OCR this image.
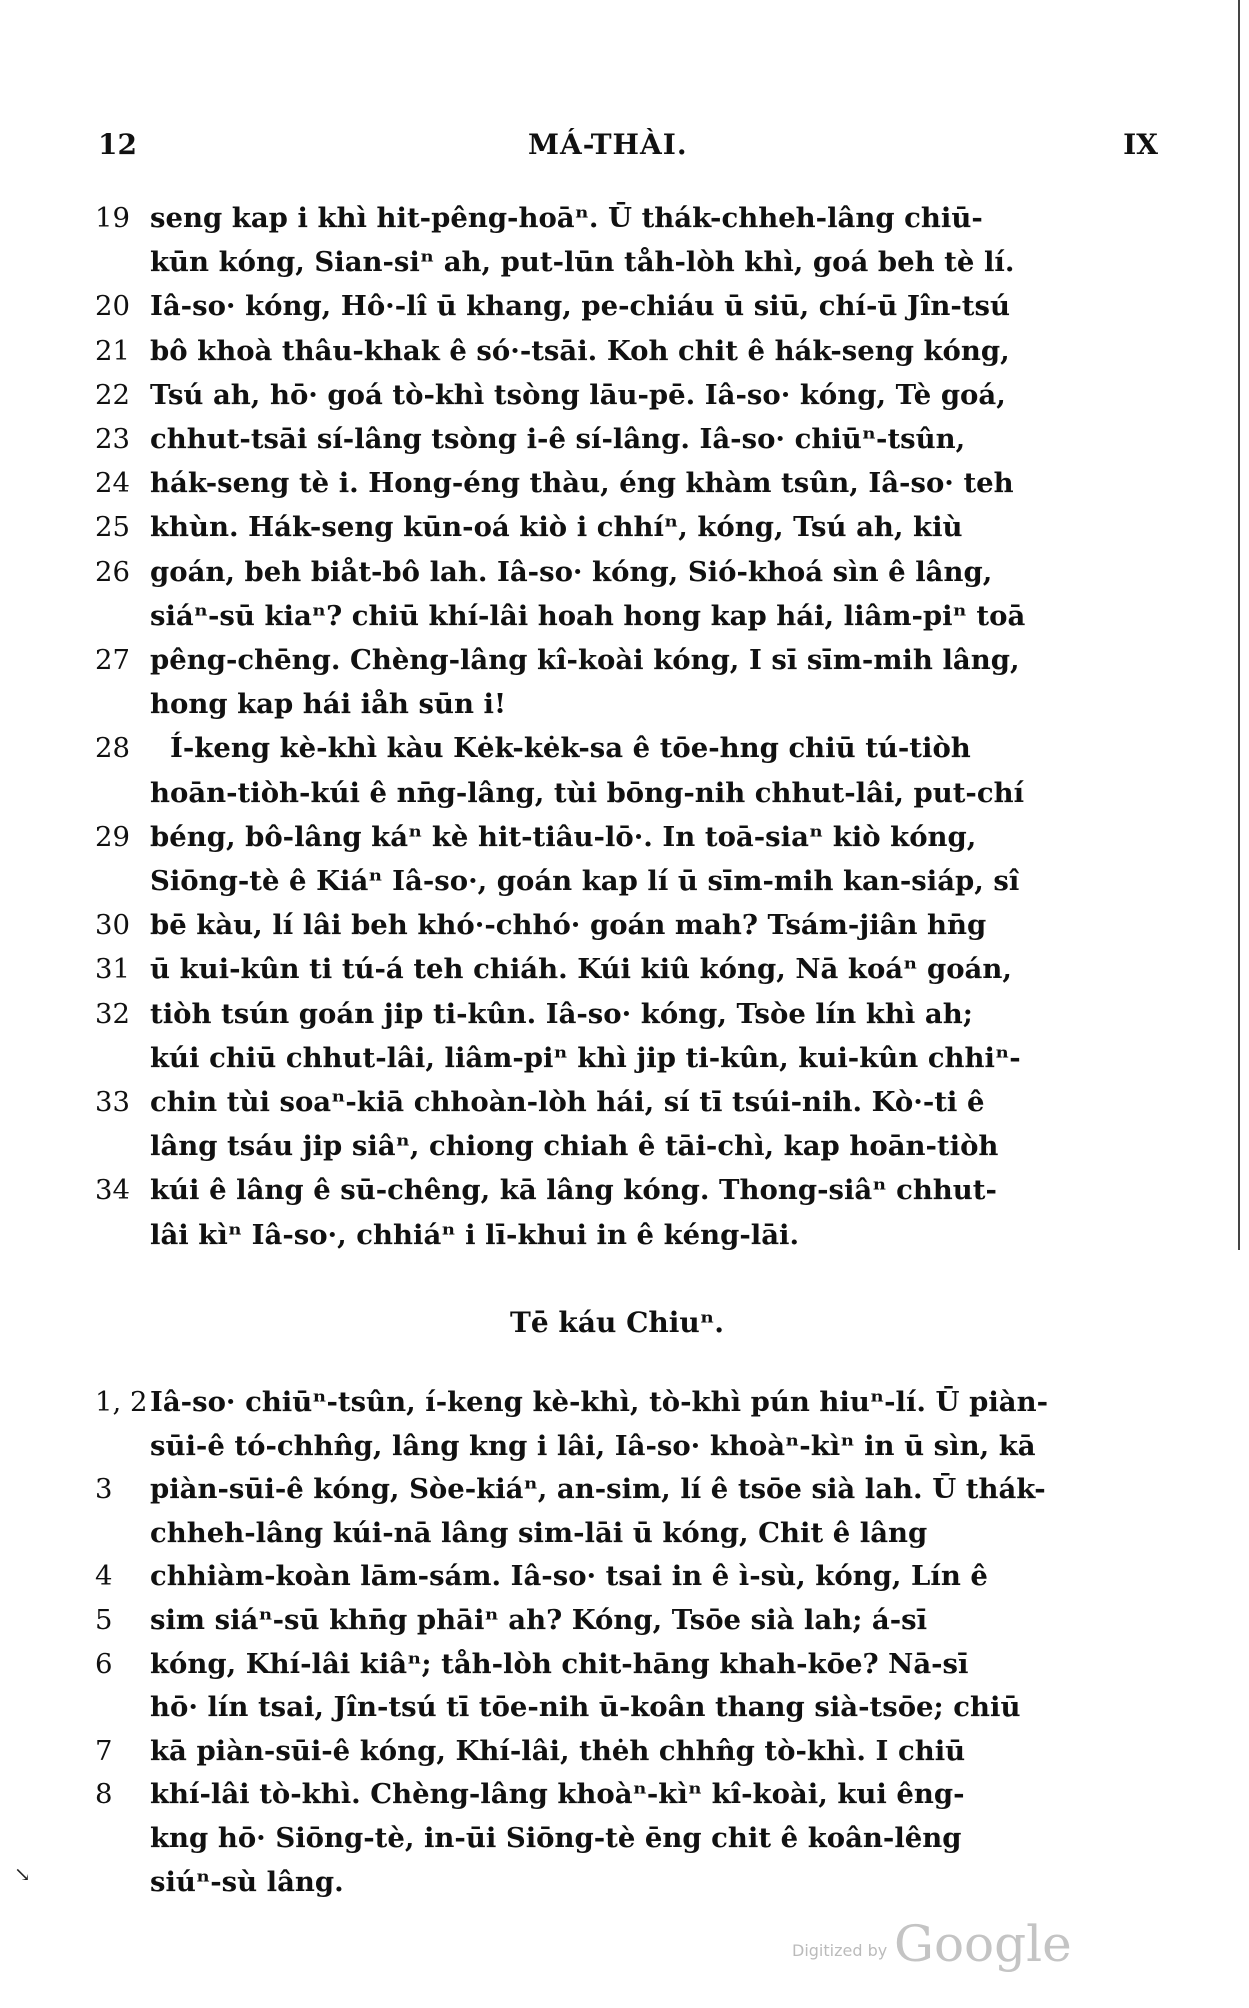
12	MÁ-THÀI.	IX
19 seng kap i khì hit-pêng-hoāⁿ. Ū thák-chheh-lâng chiū-
kūn kóng, Sian-siⁿ ah, put-lūn tåh-lòh khì, goá beh tè lí.
20 Iâ-so· kóng, Hô·-lî ū khang, pe-chiáu ū siū, chí-ū Jîn-tsú
21 bô khoà thâu-khak ê só·-tsāi. Koh chit ê hák-seng kóng,
22 Tsú ah, hō· goá tò-khì tsòng lāu-pē. Iâ-so· kóng, Tè goá,
23 chhut-tsāi sí-lâng tsòng i-ê sí-lâng. Iâ-so· chiūⁿ-tsûn,
24 hák-seng tè i. Hong-éng thàu, éng khàm tsûn, Iâ-so· teh
25 khùn. Hák-seng kūn-oá kiò i chhíⁿ, kóng, Tsú ah, kiù
26 goán, beh biåt-bô lah. Iâ-so· kóng, Sió-khoá sìn ê lâng,
siáⁿ-sū kiaⁿ? chiū khí-lâi hoah hong kap hái, liâm-piⁿ toā
27 pêng-chēng. Chèng-lâng kî-koài kóng, I sī sīm-mih lâng,
hong kap hái iåh sūn i!
28	Í-keng kè-khì kàu Kėk-kėk-sa ê tōe-hng chiū tú-tiòh
hoān-tiòh-kúi ê nn̄g-lâng, tùi bōng-nih chhut-lâi, put-chí
29 béng, bô-lâng káⁿ kè hit-tiâu-lō·. In toā-siaⁿ kiò kóng,
Siōng-tè ê Kiáⁿ Iâ-so·, goán kap lí ū sīm-mih kan-siáp, sî
30 bē kàu, lí lâi beh khó·-chhó· goán mah? Tsám-jiân hn̄g
31 ū kui-kûn ti tú-á teh chiáh. Kúi kiû kóng, Nā koáⁿ goán,
32 tiòh tsún goán jip ti-kûn. Iâ-so· kóng, Tsòe lín khì ah;
kúi chiū chhut-lâi, liâm-piⁿ khì jip ti-kûn, kui-kûn chhiⁿ-
33 chin tùi soaⁿ-kiā chhoàn-lòh hái, sí tī tsúi-nih. Kò·-ti ê
lâng tsáu jip siâⁿ, chiong chiah ê tāi-chì, kap hoān-tiòh
34 kúi ê lâng ê sū-chêng, kā lâng kóng. Thong-siâⁿ chhut-
lâi kìⁿ Iâ-so·, chhiáⁿ i lī-khui in ê kéng-lāi.
Tē káu Chiuⁿ.
1, 2 Iâ-so· chiūⁿ-tsûn, í-keng kè-khì, tò-khì pún hiuⁿ-lí. Ū piàn-
sūi-ê tó-chhn̂g, lâng kng i lâi, Iâ-so· khoàⁿ-kìⁿ in ū sìn, kā
3	piàn-sūi-ê kóng, Sòe-kiáⁿ, an-sim, lí ê tsōe sià lah. Ū thák-
chheh-lâng kúi-nā lâng sim-lāi ū kóng, Chit ê lâng
4	chhiàm-koàn lām-sám. Iâ-so· tsai in ê ì-sù, kóng, Lín ê
5	sim siáⁿ-sū khn̄g phāiⁿ ah? Kóng, Tsōe sià lah; á-sī
6	kóng, Khí-lâi kiâⁿ; tåh-lòh chit-hāng khah-kōe? Nā-sī
hō· lín tsai, Jîn-tsú tī tōe-nih ū-koân thang sià-tsōe; chiū
7	kā piàn-sūi-ê kóng, Khí-lâi, thėh chhn̂g tò-khì. I chiū
8	khí-lâi tò-khì. Chèng-lâng khoàⁿ-kìⁿ kî-koài, kui êng-
kng hō· Siōng-tè, in-ūi Siōng-tè ēng chit ê koân-lêng
siúⁿ-sù lâng.
↘
Digitized by Google
